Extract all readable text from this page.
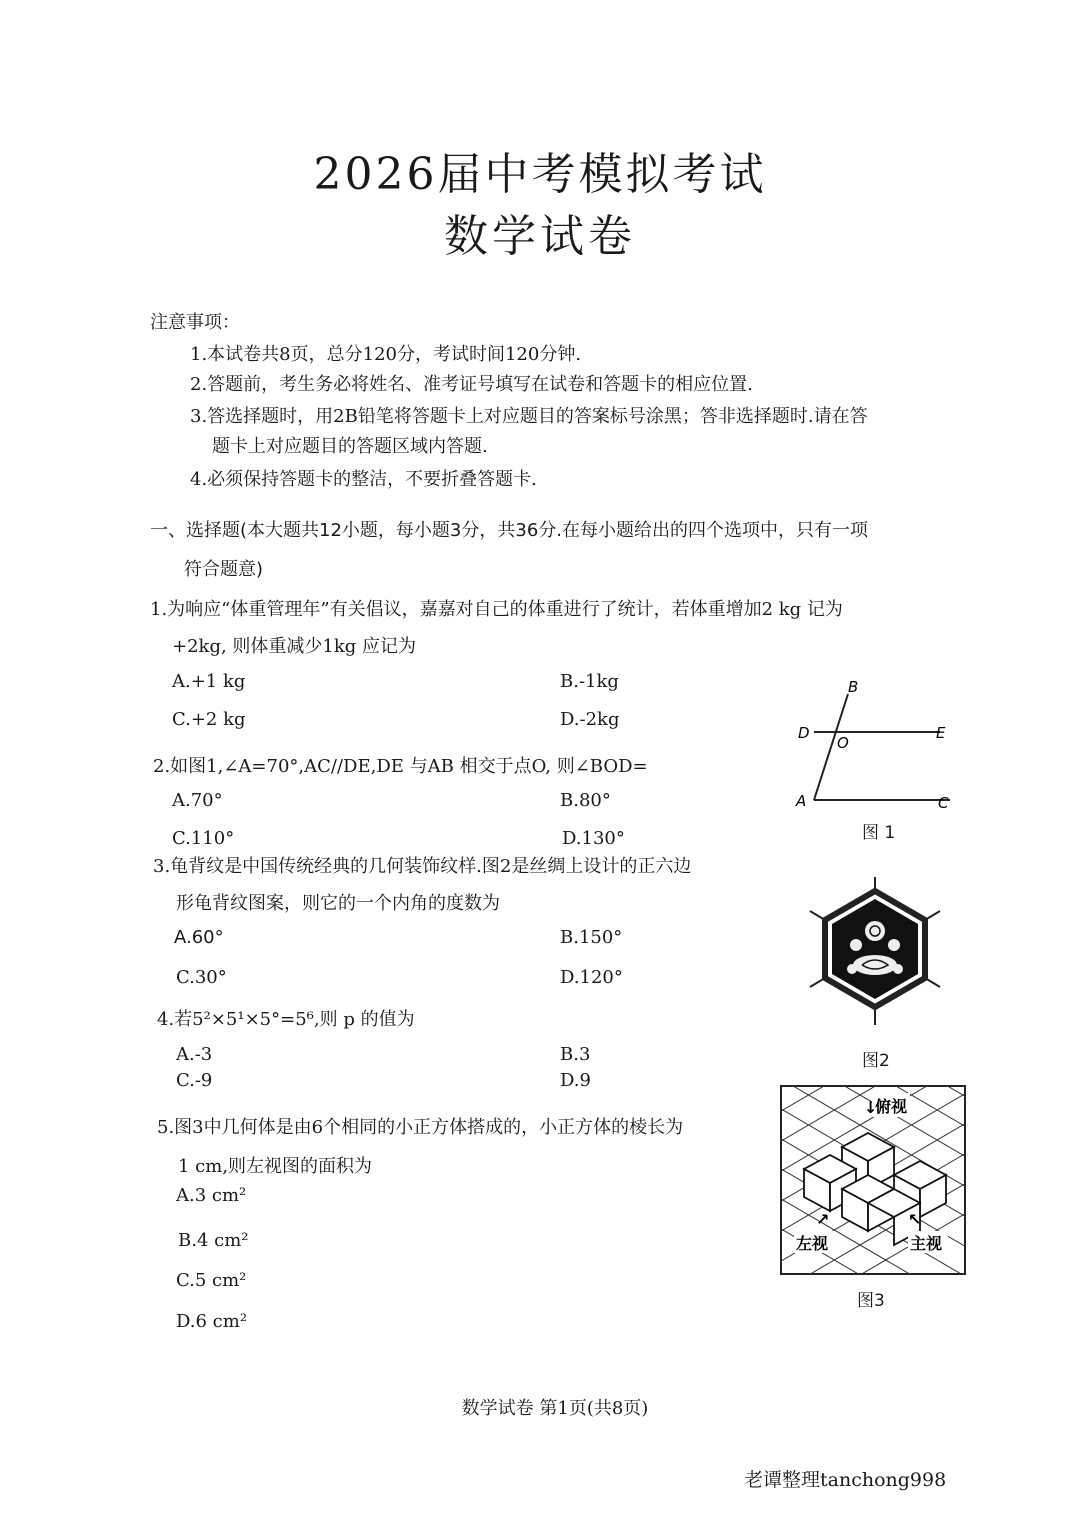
2026届中考模拟考试
数学试卷
注意事项：
1.本试卷共8页，总分120分，考试时间120分钟.
2.答题前，考生务必将姓名、准考证号填写在试卷和答题卡的相应位置.
3.答选择题时，用2B铅笔将答题卡上对应题目的答案标号涂黑；答非选择题时.请在答
题卡上对应题目的答题区域内答题.
4.必须保持答题卡的整洁，不要折叠答题卡.
一、选择题(本大题共12小题，每小题3分，共36分.在每小题给出的四个选项中，只有一项
符合题意)
1.为响应“体重管理年”有关倡议，嘉嘉对自己的体重进行了统计，若体重增加2 kg 记为
+2kg, 则体重减少1kg 应记为
A.+1 kg	B.-1kg
C.+2 kg	D.-2kg
2.如图1,∠A=70°,AC//DE,DE 与AB 相交于点O, 则∠BOD=
A.70°	B.80°
C.110°	D.130°
3.龟背纹是中国传统经典的几何装饰纹样.图2是丝绸上设计的正六边
形龟背纹图案，则它的一个内角的度数为
A.60°	B.150°
C.30°	D.120°
4.若5²×5¹×5°=5⁶,则 p 的值为
A.-3	B.3
C.-9	D.9
5.图3中几何体是由6个相同的小正方体搭成的，小正方体的棱长为
1 cm,则左视图的面积为
A.3 cm²
B.4 cm²
C.5 cm²
D.6 cm²
B
D
O
E
A	C
图 1
图2
↓
俯视
左视
↗
主视
↖
图3
数学试卷 第1页(共8页)
老谭整理tanchong998
